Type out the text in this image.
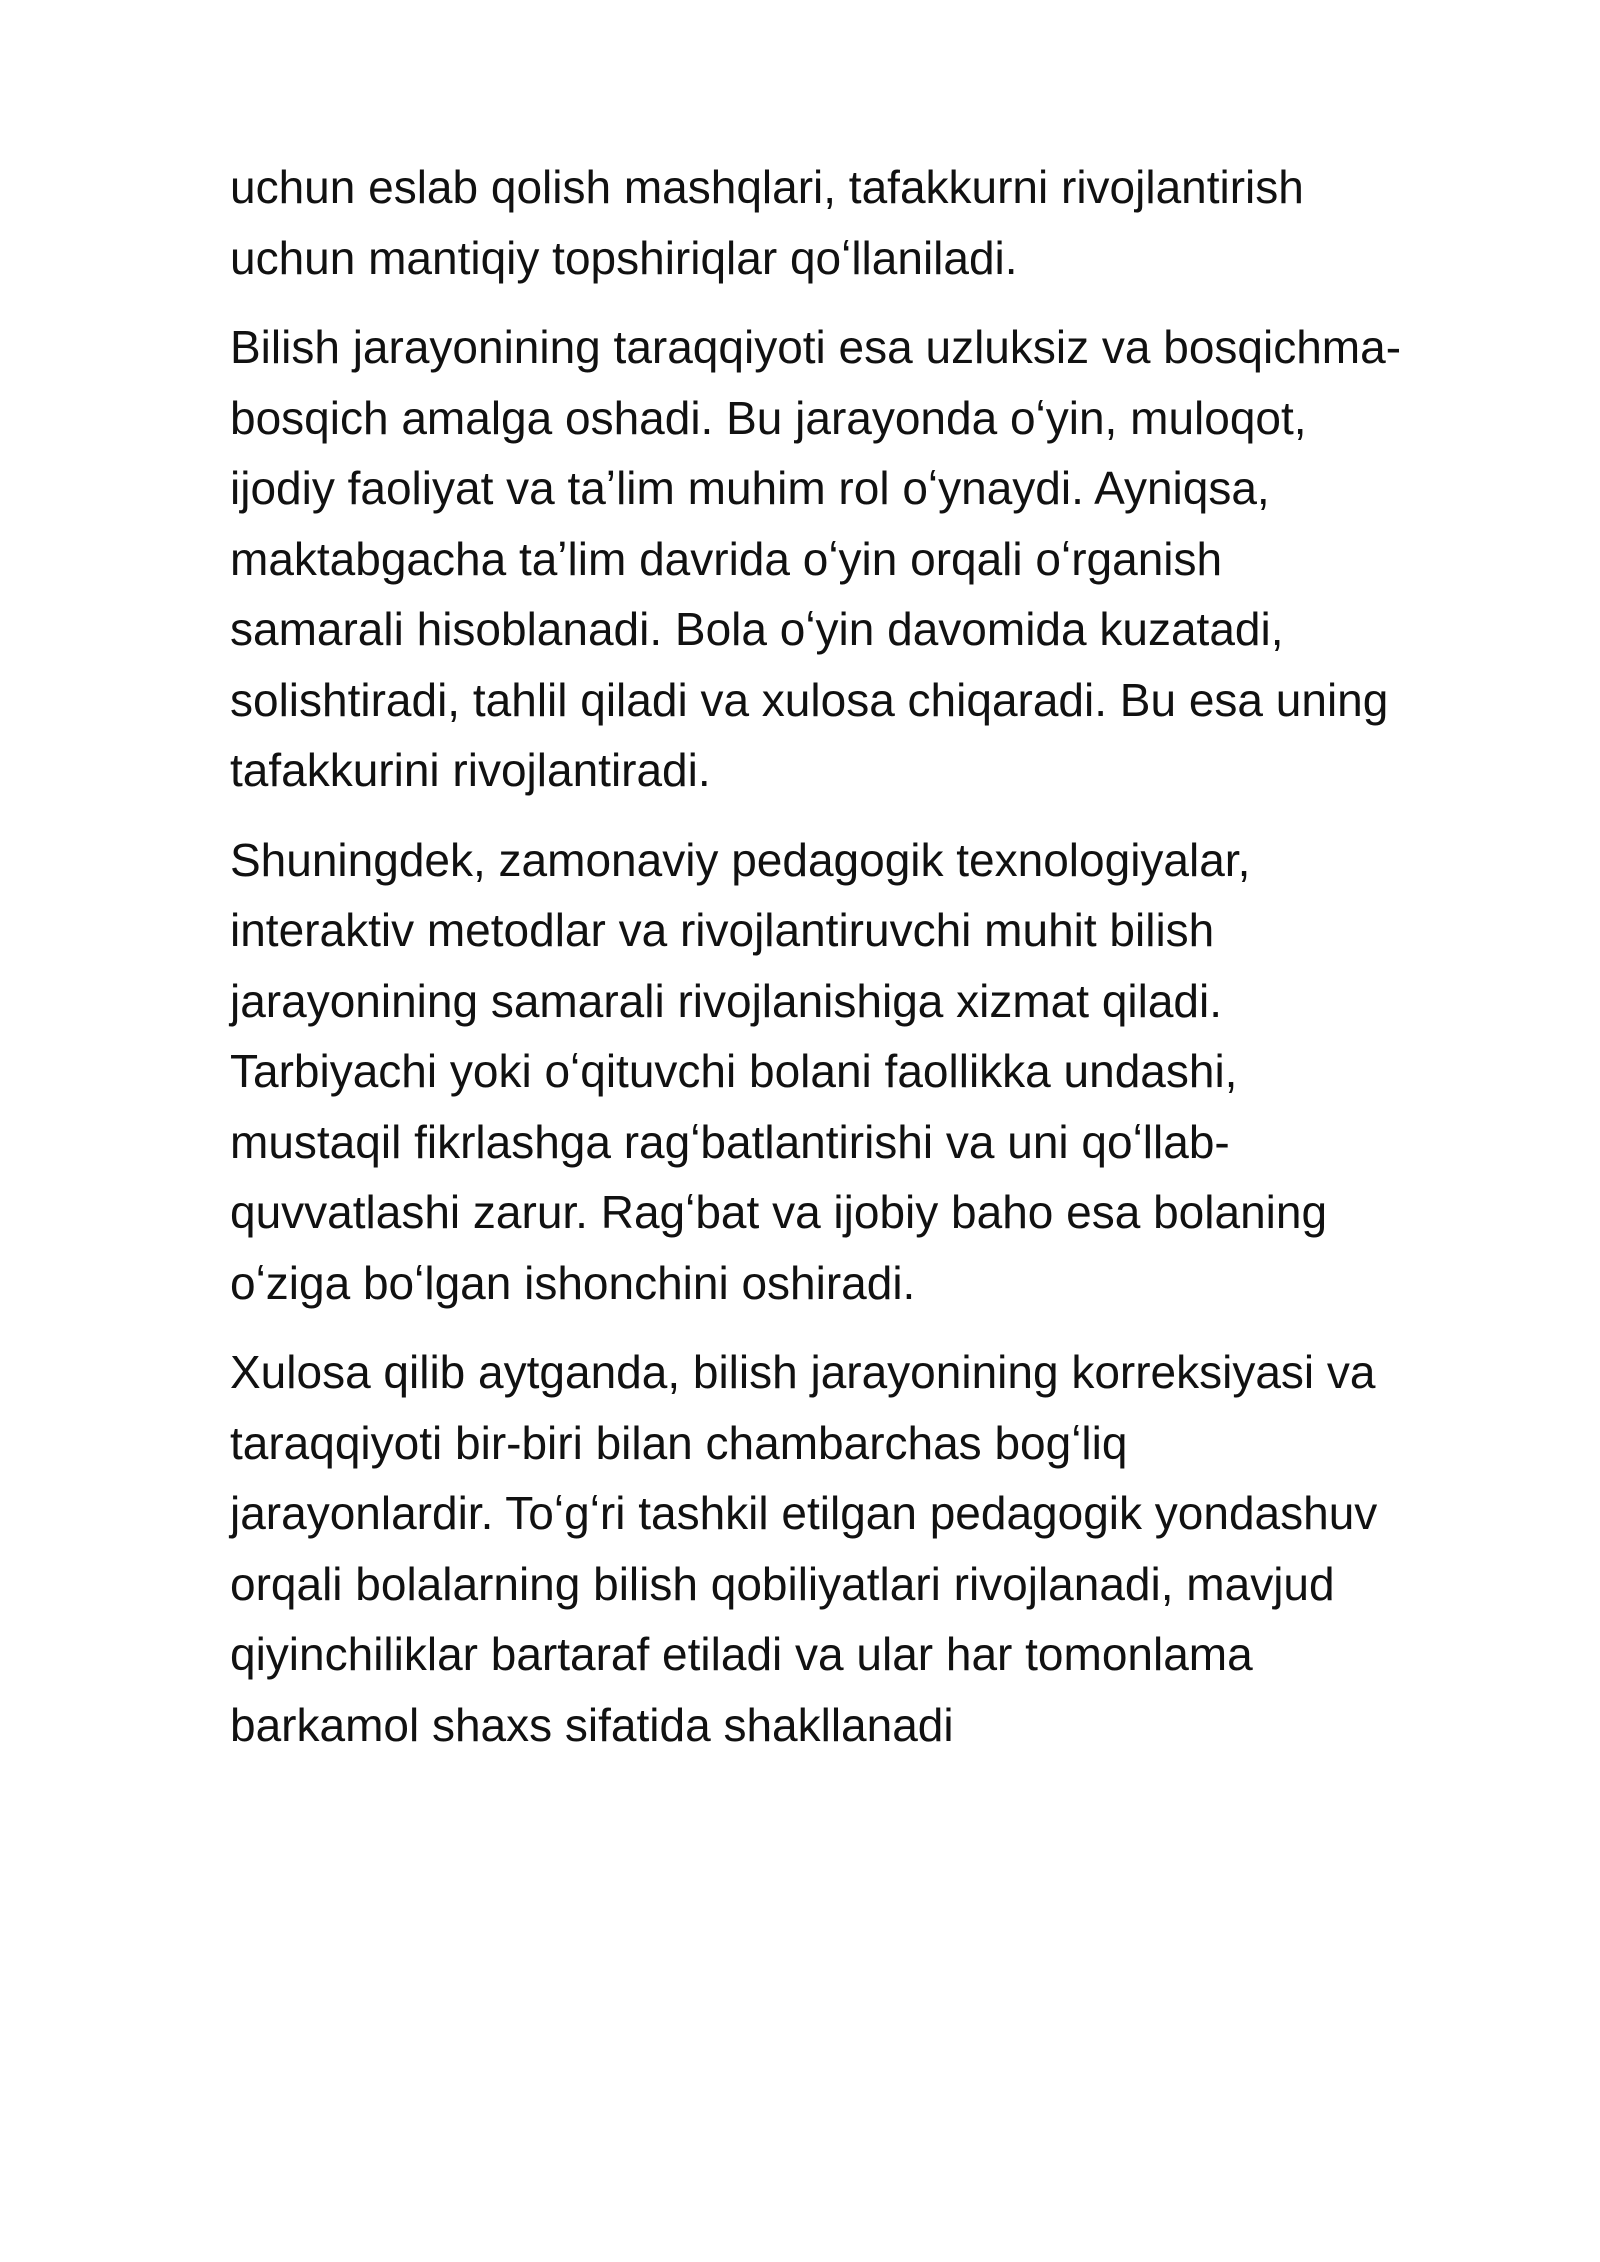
uchun eslab qolish mashqlari, tafakkurni rivojlantirish
uchun mantiqiy topshiriqlar qoʻllaniladi.

Bilish jarayonining taraqqiyoti esa uzluksiz va bosqichma-
bosqich amalga oshadi. Bu jarayonda oʻyin, muloqot,
ijodiy faoliyat va taʼlim muhim rol oʻynaydi. Ayniqsa,
maktabgacha taʼlim davrida oʻyin orqali oʻrganish
samarali hisoblanadi. Bola oʻyin davomida kuzatadi,
solishtiradi, tahlil qiladi va xulosa chiqaradi. Bu esa uning
tafakkurini rivojlantiradi.

Shuningdek, zamonaviy pedagogik texnologiyalar,
interaktiv metodlar va rivojlantiruvchi muhit bilish
jarayonining samarali rivojlanishiga xizmat qiladi.
Tarbiyachi yoki oʻqituvchi bolani faollikka undashi,
mustaqil fikrlashga ragʻbatlantirishi va uni qoʻllab-
quvvatlashi zarur. Ragʻbat va ijobiy baho esa bolaning
oʻziga boʻlgan ishonchini oshiradi.

Xulosa qilib aytganda, bilish jarayonining korreksiyasi va
taraqqiyoti bir-biri bilan chambarchas bogʻliq
jarayonlardir. Toʻgʻri tashkil etilgan pedagogik yondashuv
orqali bolalarning bilish qobiliyatlari rivojlanadi, mavjud
qiyinchiliklar bartaraf etiladi va ular har tomonlama
barkamol shaxs sifatida shakllanadi
